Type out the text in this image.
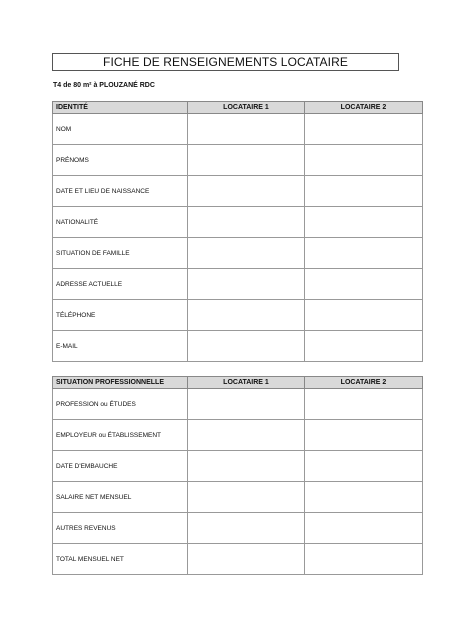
FICHE DE RENSEIGNEMENTS LOCATAIRE
T4 de 80 m² à PLOUZANÉ RDC
IDENTITÉ	LOCATAIRE 1	LOCATAIRE 2
NOM		
PRÉNOMS		
DATE ET LIEU DE NAISSANCE		
NATIONALITÉ		
SITUATION DE FAMILLE		
ADRESSE ACTUELLE		
TÉLÉPHONE		
E-MAIL		
SITUATION PROFESSIONNELLE	LOCATAIRE 1	LOCATAIRE 2
PROFESSION ou ÉTUDES		
EMPLOYEUR ou ÉTABLISSEMENT		
DATE D'EMBAUCHE		
SALAIRE NET MENSUEL		
AUTRES REVENUS		
TOTAL MENSUEL NET		
